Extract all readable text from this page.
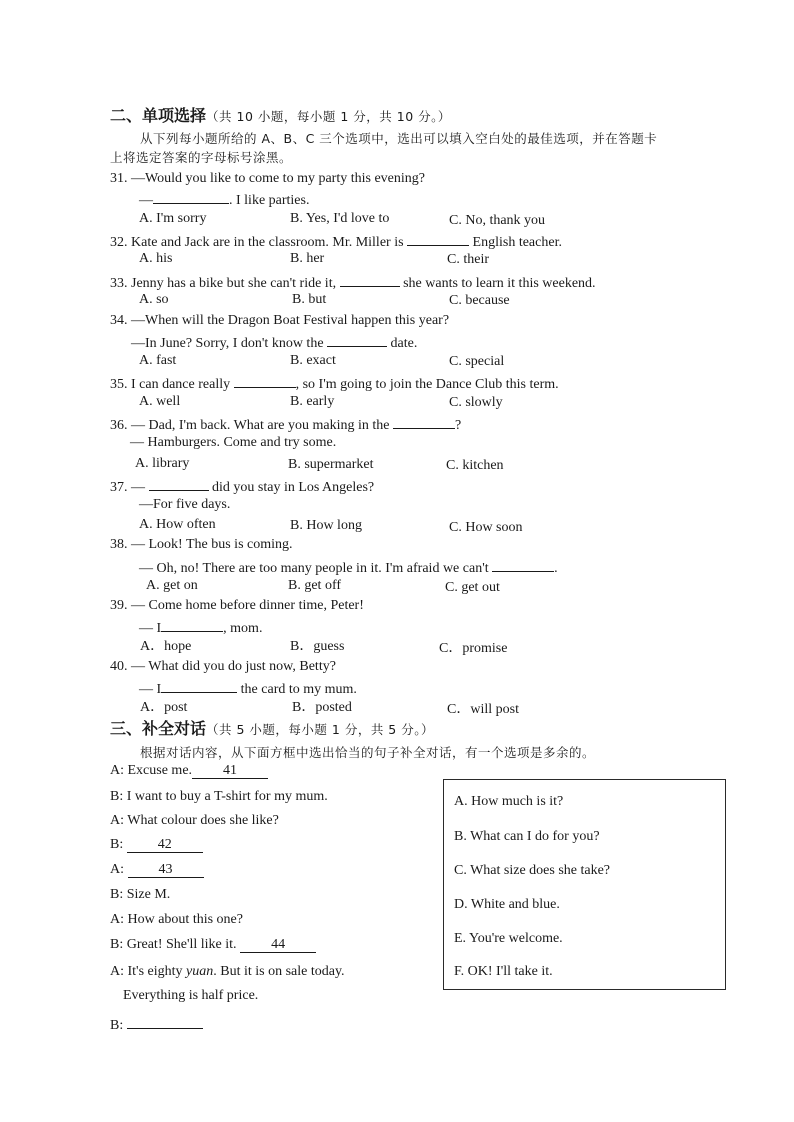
二、单项选择（共 10 小题，每小题 1 分，共 10 分。）
从下列每小题所给的 A、B、C 三个选项中，选出可以填入空白处的最佳选项，并在答题卡
上将选定答案的字母标号涂黑。
31. —Would you like to come to my party this evening?
—	. I like parties.
A. I'm sorry	B. Yes, I'd love to	C. No, thank you
32. Kate and Jack are in the classroom. Mr. Miller is	English teacher.
A. his	B. her	C. their
33. Jenny has a bike but she can't ride it,	she wants to learn it this weekend.
A. so	B. but	C. because
34. —When will the Dragon Boat Festival happen this year?
—In June? Sorry, I don't know the	date.
A. fast	B. exact	C. special
35. I can dance really	, so I'm going to join the Dance Club this term.
A. well	B. early	C. slowly
36. — Dad, I'm back. What are you making in the	?
— Hamburgers. Come and try some.
A. library	B. supermarket	C. kitchen
37. —	did you stay in Los Angeles?
—For five days.
A. How often	B. How long	C. How soon
38. — Look! The bus is coming.
— Oh, no! There are too many people in it. I'm afraid we can't	.
A. get on	B. get off	C. get out
39. — Come home before dinner time, Peter!
— I	, mom.
A．hope	B．guess	C．promise
40. — What did you do just now, Betty?
— I	the card to my mum.
A．post	B．posted	C．will post
三、补全对话（共 5 小题，每小题 1 分，共 5 分。）
根据对话内容，从下面方框中选出恰当的句子补全对话，有一个选项是多余的。
A: Excuse me. 41
B: I want to buy a T-shirt for my mum.
A: What colour does she like?
B: 42
A: 43
B: Size M.
A: How about this one?
B: Great! She'll like it. 44
A: It's eighty yuan. But it is on sale today.
Everything is half price.
B:
A. How much is it?
B. What can I do for you?
C. What size does she take?
D. White and blue.
E. You're welcome.
F. OK! I'll take it.
